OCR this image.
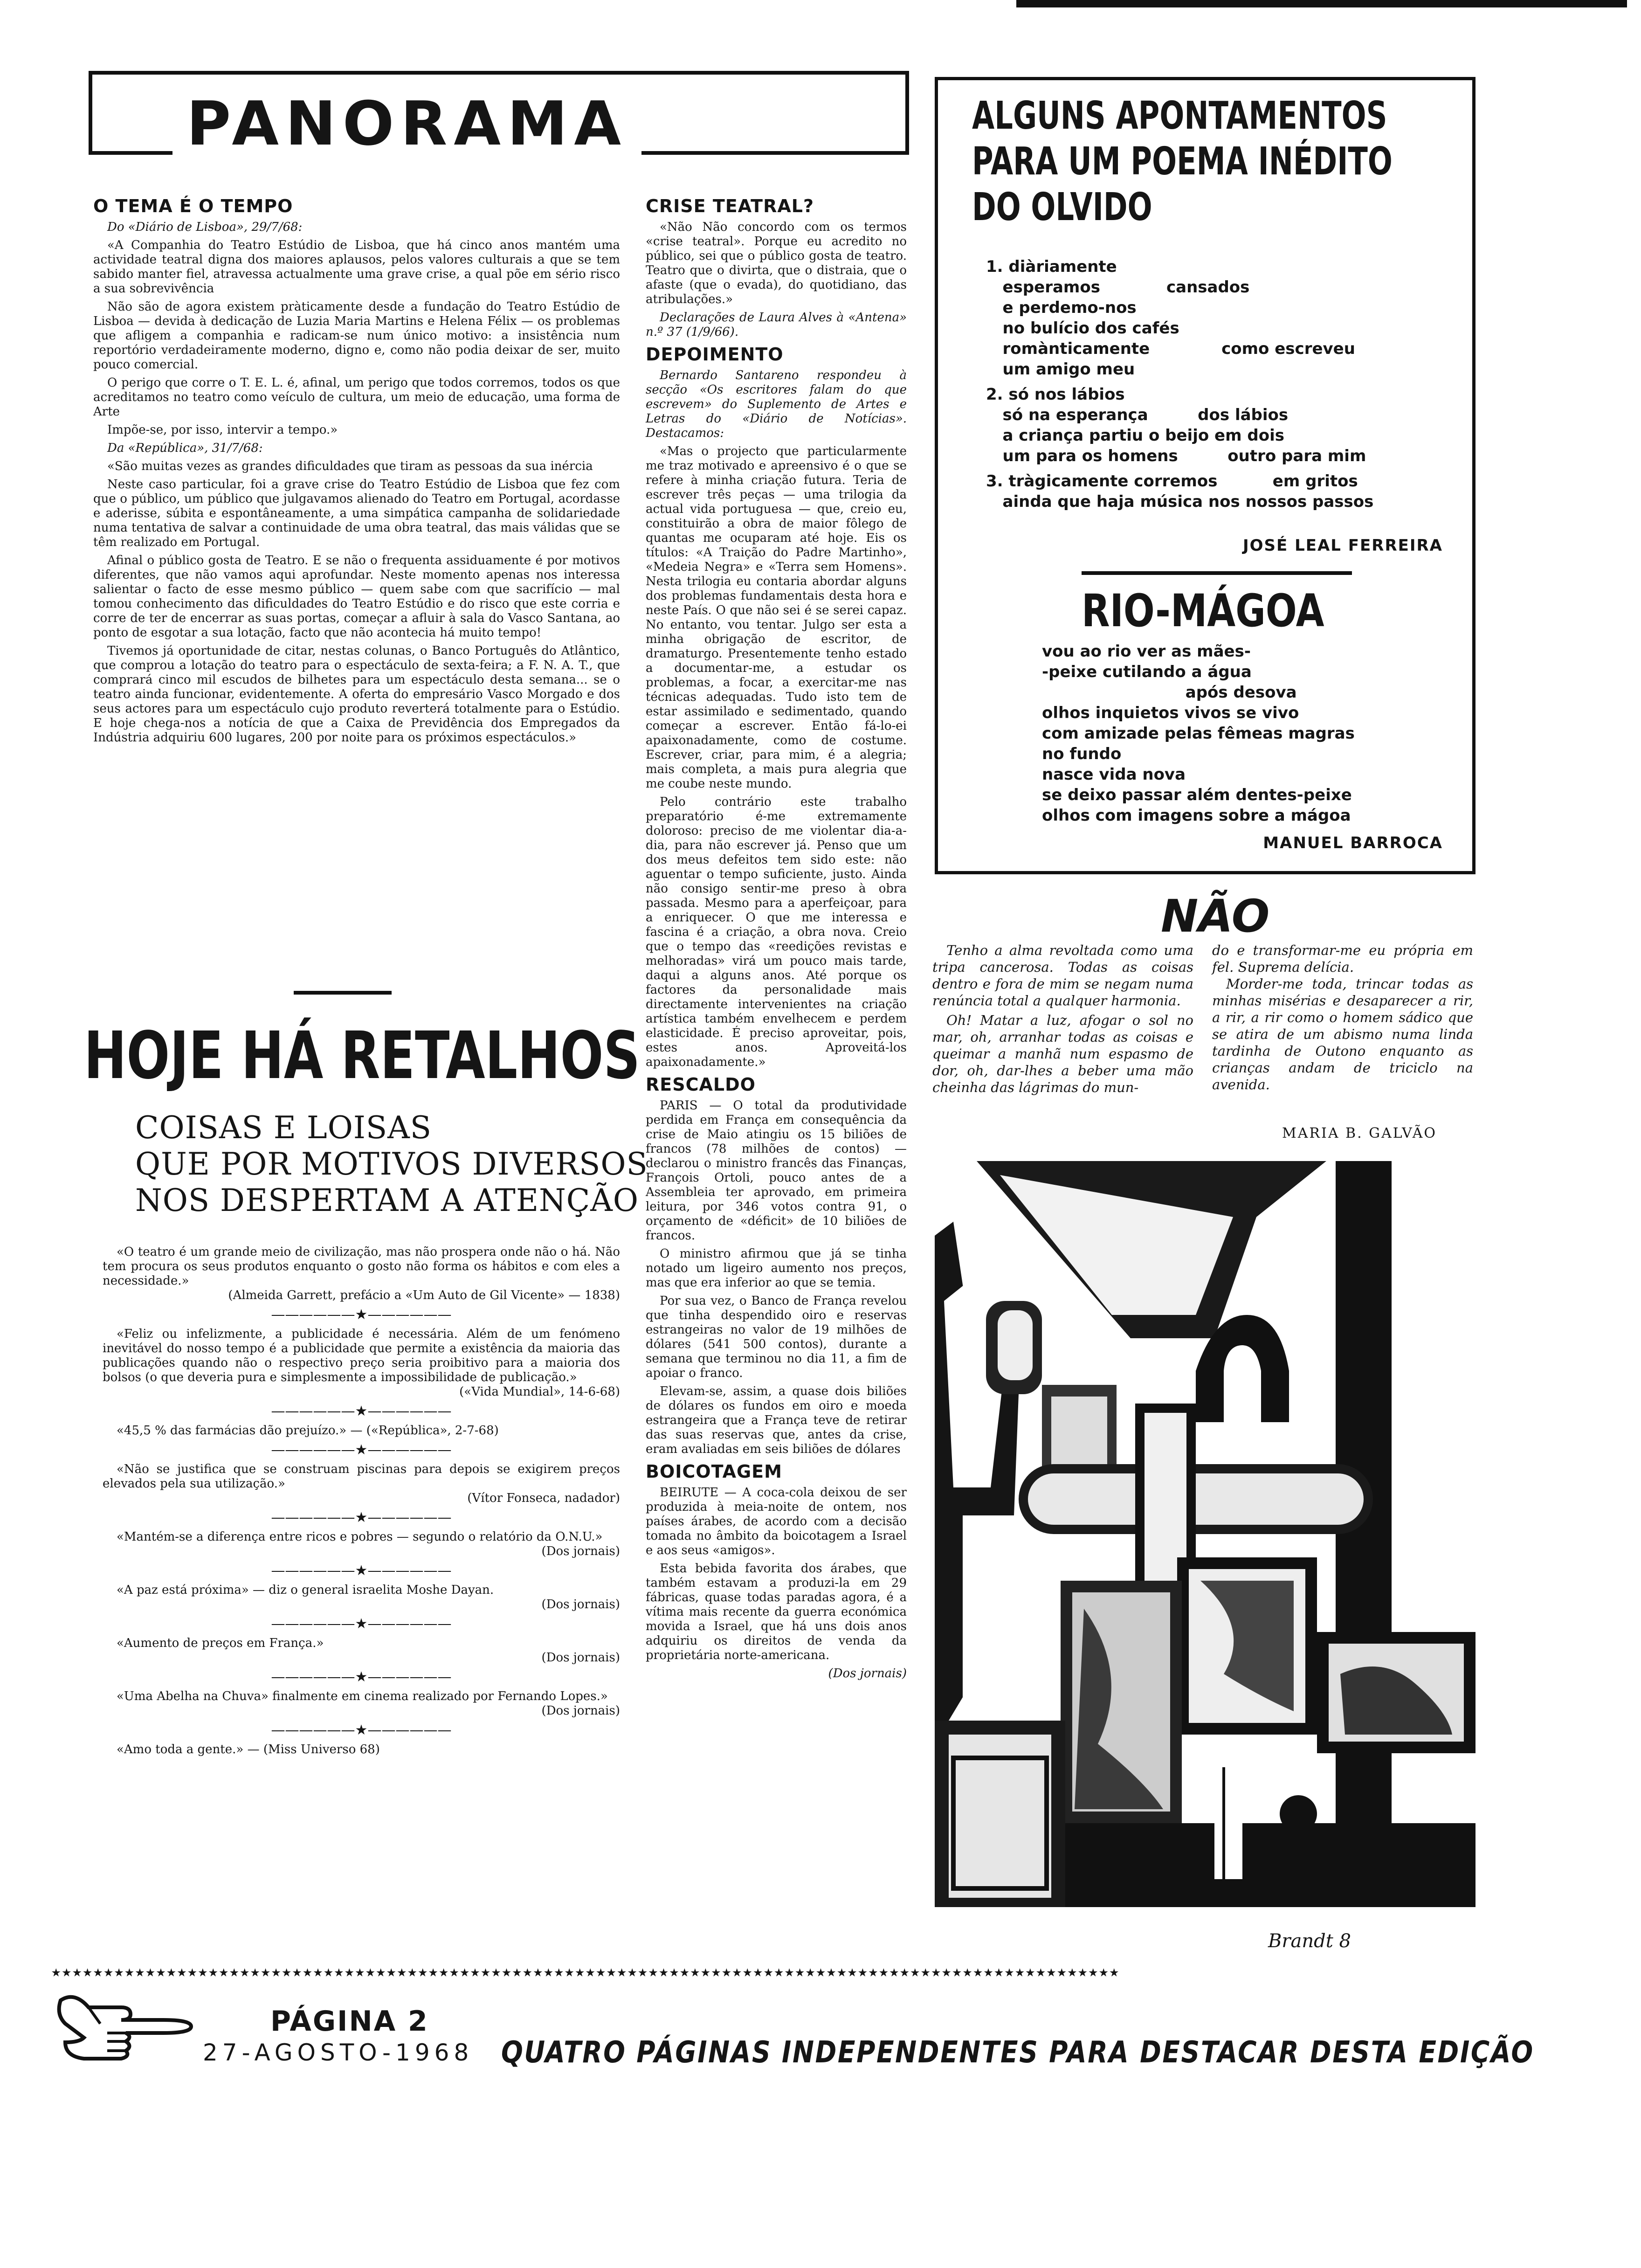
PANORAMA
O TEMA É O TEMPO

Do «Diário de Lisboa», 29/7/68:

«A Companhia do Teatro Estúdio de Lisboa, que há cinco anos mantém uma actividade teatral digna dos maiores aplausos, pelos valores culturais a que se tem sabido manter fiel, atravessa actualmente uma grave crise, a qual põe em sério risco a sua sobrevivência

Não são de agora existem pràticamente desde a fundação do Teatro Estúdio de Lisboa — devida à dedicação de Luzia Maria Martins e Helena Félix — os problemas que afligem a companhia e radicam-se num único motivo: a insistência num reportório verdadeiramente moderno, digno e, como não podia deixar de ser, muito pouco comercial.

O perigo que corre o T. E. L. é, afinal, um perigo que todos corremos, todos os que acreditamos no teatro como veículo de cultura, um meio de educação, uma forma de Arte

Impõe-se, por isso, intervir a tempo.»

Da «República», 31/7/68:

«São muitas vezes as grandes dificuldades que tiram as pessoas da sua inércia

Neste caso particular, foi a grave crise do Teatro Estúdio de Lisboa que fez com que o público, um público que julgavamos alienado do Teatro em Portugal, acordasse e aderisse, súbita e espontâneamente, a uma simpática campanha de solidariedade numa tentativa de salvar a continuidade de uma obra teatral, das mais válidas que se têm realizado em Portugal.

Afinal o público gosta de Teatro. E se não o frequenta assiduamente é por motivos diferentes, que não vamos aqui aprofundar. Neste momento apenas nos interessa salientar o facto de esse mesmo público — quem sabe com que sacrifício — mal tomou conhecimento das dificuldades do Teatro Estúdio e do risco que este corria e corre de ter de encerrar as suas portas, começar a afluir à sala do Vasco Santana, ao ponto de esgotar a sua lotação, facto que não acontecia há muito tempo!

Tivemos já oportunidade de citar, nestas colunas, o Banco Português do Atlântico, que comprou a lotação do teatro para o espectáculo de sexta-feira; a F. N. A. T., que comprará cinco mil escudos de bilhetes para um espectáculo desta semana... se o teatro ainda funcionar, evidentemente. A oferta do empresário Vasco Morgado e dos seus actores para um espectáculo cujo produto reverterá totalmente para o Estúdio. E hoje chega-nos a notícia de que a Caixa de Previdência dos Empregados da Indústria adquiriu 600 lugares, 200 por noite para os próximos espectáculos.»

HOJE HÁ RETALHOS
COISAS E LOISAS
QUE POR MOTIVOS DIVERSOS
NOS DESPERTAM A ATENÇÃO

«O teatro é um grande meio de civilização, mas não prospera onde não o há. Não tem procura os seus produtos enquanto o gosto não forma os hábitos e com eles a necessidade.»

(Almeida Garrett, prefácio a «Um Auto de Gil Vicente» — 1838)

——————★——————

«Feliz ou infelizmente, a publicidade é necessária. Além de um fenómeno inevitável do nosso tempo é a publicidade que permite a existência da maioria das publicações quando não o respectivo preço seria proibitivo para a maioria dos bolsos (o que deveria pura e simplesmente a impossibilidade de publicação.»

(«Vida Mundial», 14-6-68)

——————★——————

«45,5 % das farmácias dão prejuízo.» — («República», 2-7-68)

——————★——————

«Não se justifica que se construam piscinas para depois se exigirem preços elevados pela sua utilização.»

(Vítor Fonseca, nadador)

——————★——————

«Mantém-se a diferença entre ricos e pobres — segundo o relatório da O.N.U.»

(Dos jornais)

——————★——————

«A paz está próxima» — diz o general israelita Moshe Dayan.

(Dos jornais)

——————★——————

«Aumento de preços em França.»

(Dos jornais)

——————★——————

«Uma Abelha na Chuva» finalmente em cinema realizado por Fernando Lopes.»

(Dos jornais)

——————★——————

«Amo toda a gente.» — (Miss Universo 68)

CRISE TEATRAL?

«Não Não concordo com os termos «crise teatral». Porque eu acredito no público, sei que o público gosta de teatro. Teatro que o divirta, que o distraia, que o afaste (que o evada), do quotidiano, das atribulações.»

Declarações de Laura Alves à «Antena» n.º 37 (1/9/66).

DEPOIMENTO

Bernardo Santareno respondeu à secção «Os escritores falam do que escrevem» do Suplemento de Artes e Letras do «Diário de Notícias». Destacamos:

«Mas o projecto que particularmente me traz motivado e apreensivo é o que se refere à minha criação futura. Teria de escrever três peças — uma trilogia da actual vida portuguesa — que, creio eu, constituirão a obra de maior fôlego de quantas me ocuparam até hoje. Eis os títulos: «A Traição do Padre Martinho», «Medeia Negra» e «Terra sem Homens». Nesta trilogia eu contaria abordar alguns dos problemas fundamentais desta hora e neste País. O que não sei é se serei capaz. No entanto, vou tentar. Julgo ser esta a minha obrigação de escritor, de dramaturgo. Presentemente tenho estado a documentar-me, a estudar os problemas, a focar, a exercitar-me nas técnicas adequadas. Tudo isto tem de estar assimilado e sedimentado, quando começar a escrever. Então fá-lo-ei apaixonadamente, como de costume. Escrever, criar, para mim, é a alegria; mais completa, a mais pura alegria que me coube neste mundo.

Pelo contrário este trabalho preparatório é-me extremamente doloroso: preciso de me violentar dia-a-dia, para não escrever já. Penso que um dos meus defeitos tem sido este: não aguentar o tempo suficiente, justo. Ainda não consigo sentir-me preso à obra passada. Mesmo para a aperfeiçoar, para a enriquecer. O que me interessa e fascina é a criação, a obra nova. Creio que o tempo das «reedições revistas e melhoradas» virá um pouco mais tarde, daqui a alguns anos. Até porque os factores da personalidade mais directamente intervenientes na criação artística também envelhecem e perdem elasticidade. É preciso aproveitar, pois, estes anos. Aproveitá-los apaixonadamente.»

RESCALDO

PARIS — O total da produtividade perdida em França em consequência da crise de Maio atingiu os 15 biliões de francos (78 milhões de contos) — declarou o ministro francês das Finanças, François Ortoli, pouco antes de a Assembleia ter aprovado, em primeira leitura, por 346 votos contra 91, o orçamento de «déficit» de 10 biliões de francos.

O ministro afirmou que já se tinha notado um ligeiro aumento nos preços, mas que era inferior ao que se temia.

Por sua vez, o Banco de França revelou que tinha despendido oiro e reservas estrangeiras no valor de 19 milhões de dólares (541 500 contos), durante a semana que terminou no dia 11, a fim de apoiar o franco.

Elevam-se, assim, a quase dois biliões de dólares os fundos em oiro e moeda estrangeira que a França teve de retirar das suas reservas que, antes da crise, eram avaliadas em seis biliões de dólares

BOICOTAGEM

BEIRUTE — A coca-cola deixou de ser produzida à meia-noite de ontem, nos países árabes, de acordo com a decisão tomada no âmbito da boicotagem a Israel e aos seus «amigos».

Esta bebida favorita dos árabes, que também estavam a produzi-la em 29 fábricas, quase todas paradas agora, é a vítima mais recente da guerra económica movida a Israel, que há uns dois anos adquiriu os direitos de venda da proprietária norte-americana.

(Dos jornais)

ALGUNS APONTAMENTOS
PARA UM POEMA INÉDITO
DO OLVIDO
1. diàriamente
esperamos            cansados
e perdemo-nos
no bulício dos cafés
romànticamente             como escreveu
um amigo meu
2. só nos lábios
só na esperança         dos lábios
a criança partiu o beijo em dois
um para os homens         outro para mim
3. tràgicamente corremos          em gritos
ainda que haja música nos nossos passos
JOSÉ LEAL FERREIRA
RIO-MÁGOA
vou ao rio ver as mães-
-peixe cutilando a água
após desova
olhos inquietos vivos se vivo
com amizade pelas fêmeas magras
no fundo
nasce vida nova
se deixo passar além dentes-peixe
olhos com imagens sobre a mágoa
MANUEL BARROCA
NÃO

Tenho a alma revoltada como uma tripa cancerosa. Todas as coisas dentro e fora de mim se negam numa renúncia total a qualquer harmonia.

Oh! Matar a luz, afogar o sol no mar, oh, arranhar todas as coisas e queimar a manhã num espasmo de dor, oh, dar-lhes a beber uma mão cheinha das lágrimas do mun-

do e transformar-me eu própria em fel. Suprema delícia.

Morder-me toda, trincar todas as minhas misérias e desaparecer a rir, a rir, a rir como o homem sádico que se atira de um abismo numa linda tardinha de Outono enquanto as crianças andam de triciclo na avenida.

MARIA B. GALVÃO
Brandt 8
★★★★★★★★★★★★★★★★★★★★★★★★★★★★★★★★★★★★★★★★★★★★★★★★★★★★★★★★★★★★★★★★★★★★★★★★★★★★★★★★★★★★★★★★★★★★★★★★★★★★★★
PÁGINA 2
27-AGOSTO-1968 QUATRO PÁGINAS INDEPENDENTES PARA DESTACAR DESTA EDIÇÃO
